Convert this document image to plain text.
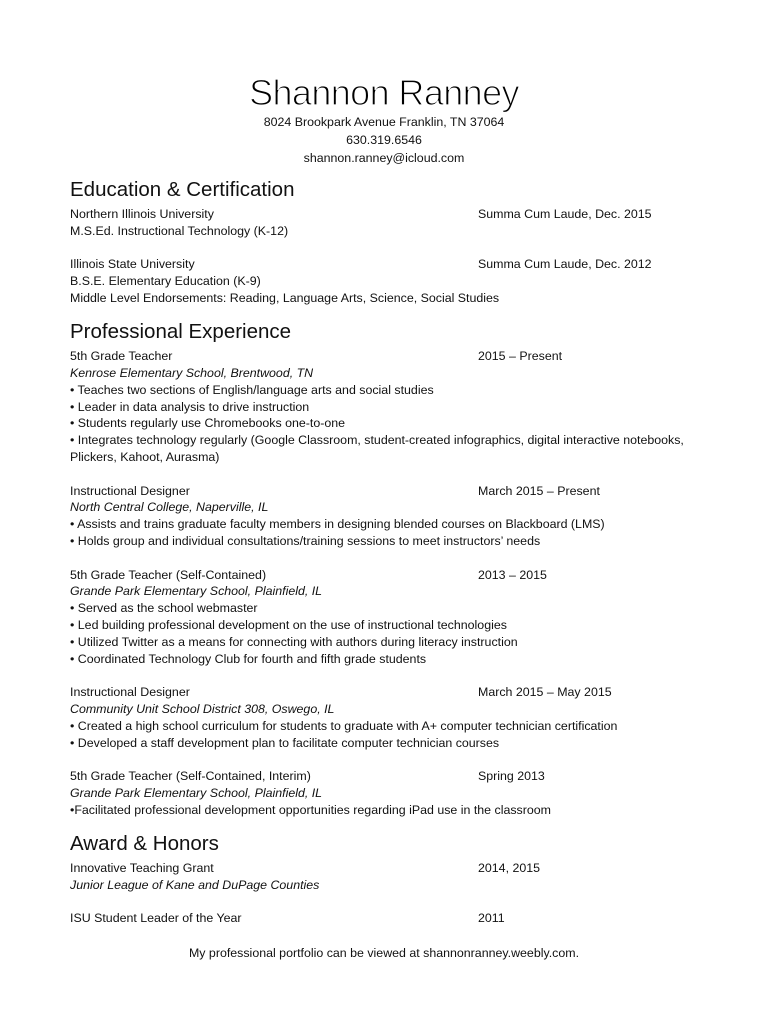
Shannon Ranney
8024 Brookpark Avenue Franklin, TN 37064
630.319.6546
shannon.ranney@icloud.com
Education & Certification
Northern Illinois University	Summa Cum Laude, Dec. 2015
M.S.Ed. Instructional Technology (K-12)
Illinois State University	Summa Cum Laude, Dec. 2012
B.S.E. Elementary Education (K-9)
Middle Level Endorsements: Reading, Language Arts, Science, Social Studies
Professional Experience
5th Grade Teacher	2015 – Present
Kenrose Elementary School, Brentwood, TN
• Teaches two sections of English/language arts and social studies
• Leader in data analysis to drive instruction
• Students regularly use Chromebooks one-to-one
• Integrates technology regularly (Google Classroom, student-created infographics, digital interactive notebooks, Plickers, Kahoot, Aurasma)
Instructional Designer	March 2015 – Present
North Central College, Naperville, IL
• Assists and trains graduate faculty members in designing blended courses on Blackboard (LMS)
• Holds group and individual consultations/training sessions to meet instructors’ needs
5th Grade Teacher (Self-Contained)	2013 – 2015
Grande Park Elementary School, Plainfield, IL
• Served as the school webmaster
• Led building professional development on the use of instructional technologies
• Utilized Twitter as a means for connecting with authors during literacy instruction
• Coordinated Technology Club for fourth and fifth grade students
Instructional Designer	March 2015 – May 2015
Community Unit School District 308, Oswego, IL
• Created a high school curriculum for students to graduate with A+ computer technician certification
• Developed a staff development plan to facilitate computer technician courses
5th Grade Teacher (Self-Contained, Interim)	Spring 2013
Grande Park Elementary School, Plainfield, IL
•Facilitated professional development opportunities regarding iPad use in the classroom
Award & Honors
Innovative Teaching Grant	2014, 2015
Junior League of Kane and DuPage Counties
ISU Student Leader of the Year	2011
My professional portfolio can be viewed at shannonranney.weebly.com.
